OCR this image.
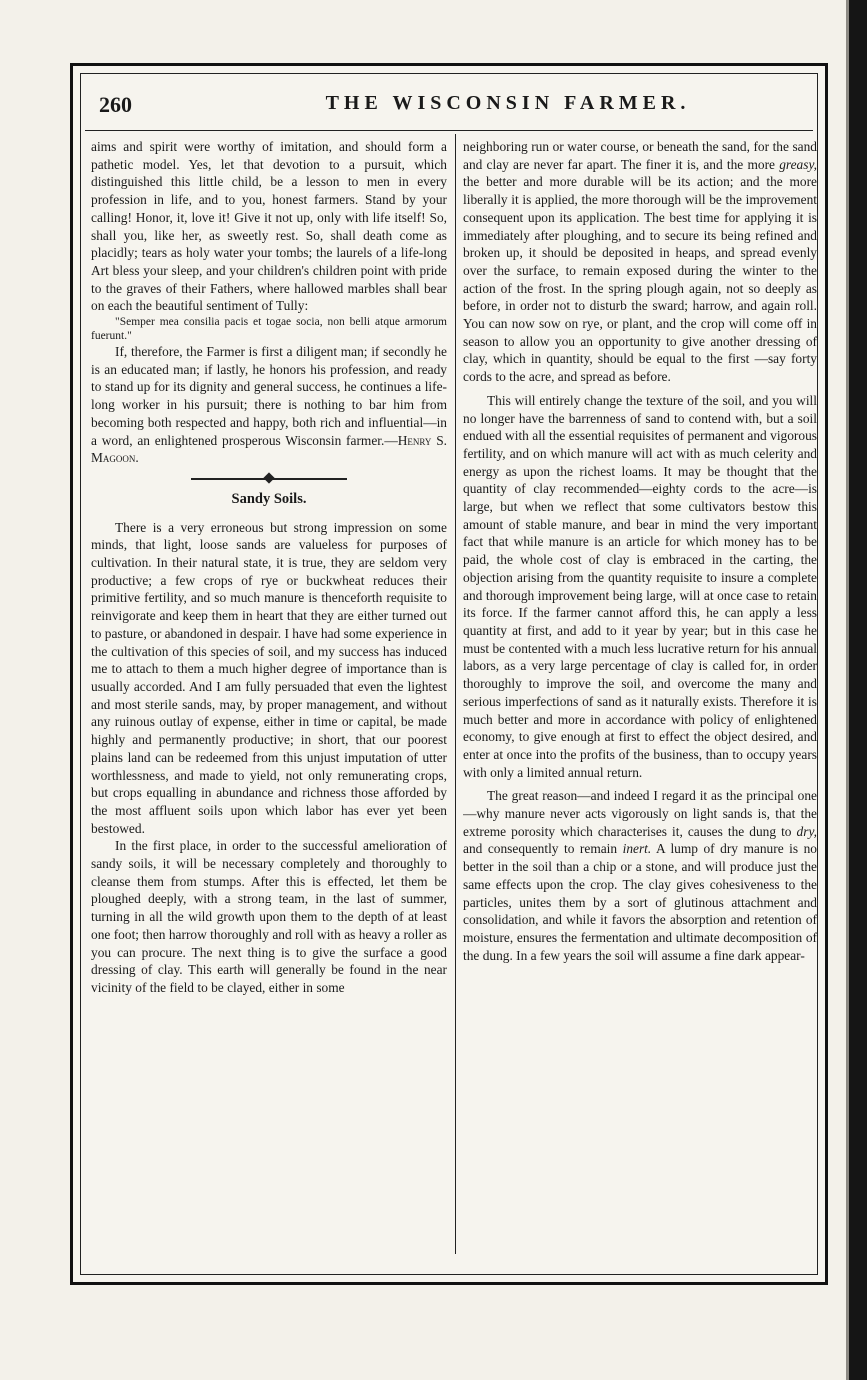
260	THE WISCONSIN FARMER.

aims and spirit were worthy of imitation, and should form a pathetic model. Yes, let that devotion to a pursuit, which distinguished this little child, be a lesson to men in every profession in life, and to you, honest farmers. Stand by your calling! Honor, it, love it! Give it not up, only with life itself! So, shall you, like her, as sweetly rest. So, shall death come as placidly; tears as holy water your tombs; the laurels of a life-long Art bless your sleep, and your children's children point with pride to the graves of their Fathers, where hallowed marbles shall bear on each the beautiful sentiment of Tully:

"Semper mea consilia pacis et togae socia, non belli atque armorum fuerunt."

If, therefore, the Farmer is first a diligent man; if secondly he is an educated man; if lastly, he honors his profession, and ready to stand up for its dignity and general success, he continues a life-long worker in his pursuit; there is nothing to bar him from becoming both respected and happy, both rich and influential—in a word, an enlightened prosperous Wisconsin farmer.—Henry S. Magoon.

Sandy Soils.

There is a very erroneous but strong impression on some minds, that light, loose sands are valueless for purposes of cultivation. In their natural state, it is true, they are seldom very productive; a few crops of rye or buckwheat reduces their primitive fertility, and so much manure is thenceforth requisite to reinvigorate and keep them in heart that they are either turned out to pasture, or abandoned in despair. I have had some experience in the cultivation of this species of soil, and my success has induced me to attach to them a much higher degree of importance than is usually accorded. And I am fully persuaded that even the lightest and most sterile sands, may, by proper management, and without any ruinous outlay of expense, either in time or capital, be made highly and permanently productive; in short, that our poorest plains land can be redeemed from this unjust imputation of utter worthlessness, and made to yield, not only remunerating crops, but crops equalling in abundance and richness those afforded by the most affluent soils upon which labor has ever yet been bestowed.

In the first place, in order to the successful amelioration of sandy soils, it will be necessary completely and thoroughly to cleanse them from stumps. After this is effected, let them be ploughed deeply, with a strong team, in the last of summer, turning in all the wild growth upon them to the depth of at least one foot; then harrow thoroughly and roll with as heavy a roller as you can procure. The next thing is to give the surface a good dressing of clay. This earth will generally be found in the near vicinity of the field to be clayed, either in some

neighboring run or water course, or beneath the sand, for the sand and clay are never far apart. The finer it is, and the more greasy, the better and more durable will be its action; and the more liberally it is applied, the more thorough will be the improvement consequent upon its application. The best time for applying it is immediately after ploughing, and to secure its being refined and broken up, it should be deposited in heaps, and spread evenly over the surface, to remain exposed during the winter to the action of the frost. In the spring plough again, not so deeply as before, in order not to disturb the sward; harrow, and again roll. You can now sow on rye, or plant, and the crop will come off in season to allow you an opportunity to give another dressing of clay, which in quantity, should be equal to the first —say forty cords to the acre, and spread as before.

This will entirely change the texture of the soil, and you will no longer have the barrenness of sand to contend with, but a soil endued with all the essential requisites of permanent and vigorous fertility, and on which manure will act with as much celerity and energy as upon the richest loams. It may be thought that the quantity of clay recommended—eighty cords to the acre—is large, but when we reflect that some cultivators bestow this amount of stable manure, and bear in mind the very important fact that while manure is an article for which money has to be paid, the whole cost of clay is embraced in the carting, the objection arising from the quantity requisite to insure a complete and thorough improvement being large, will at once case to retain its force. If the farmer cannot afford this, he can apply a less quantity at first, and add to it year by year; but in this case he must be contented with a much less lucrative return for his annual labors, as a very large percentage of clay is called for, in order thoroughly to improve the soil, and overcome the many and serious imperfections of sand as it naturally exists. Therefore it is much better and more in accordance with policy of enlightened economy, to give enough at first to effect the object desired, and enter at once into the profits of the business, than to occupy years with only a limited annual return.

The great reason—and indeed I regard it as the principal one—why manure never acts vigorously on light sands is, that the extreme porosity which characterises it, causes the dung to dry, and consequently to remain inert. A lump of dry manure is no better in the soil than a chip or a stone, and will produce just the same effects upon the crop. The clay gives cohesiveness to the particles, unites them by a sort of glutinous attachment and consolidation, and while it favors the absorption and retention of moisture, ensures the fermentation and ultimate decomposition of the dung. In a few years the soil will assume a fine dark appear-
